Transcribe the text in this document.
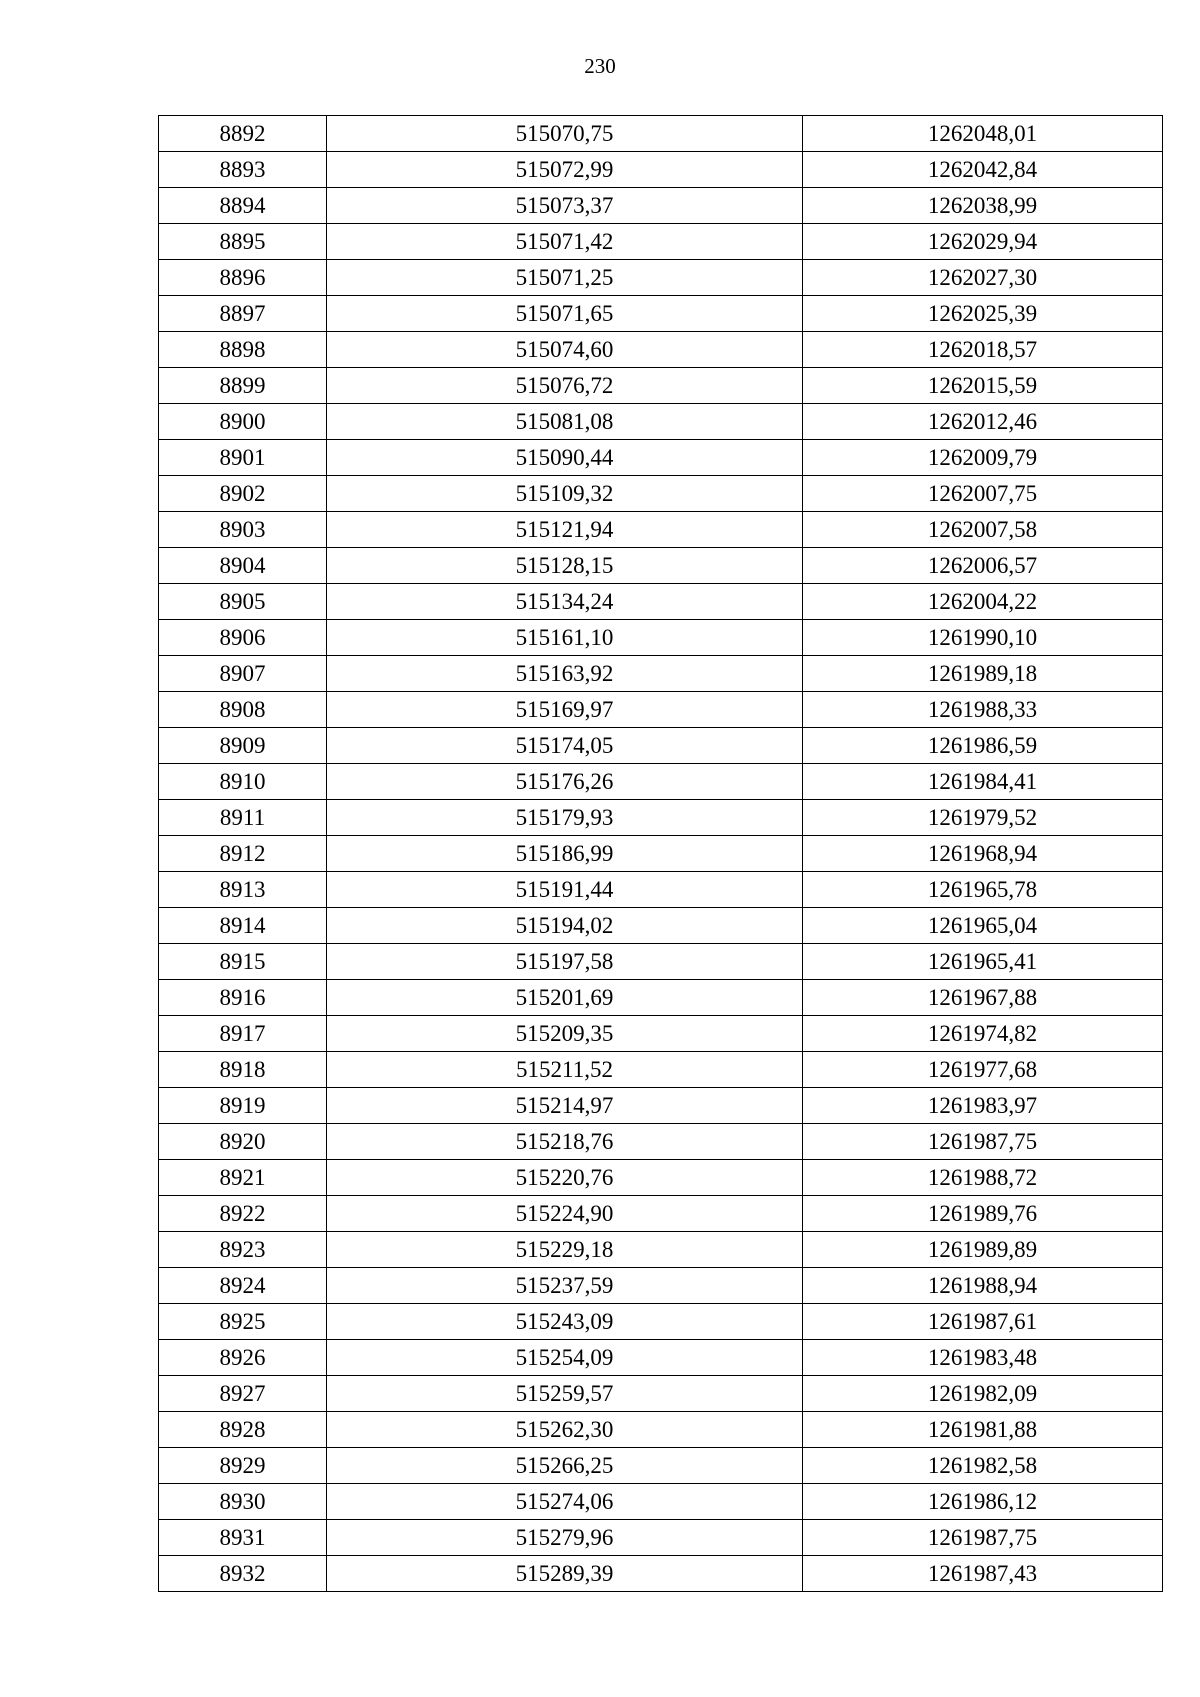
230
8892	515070,75	1262048,01
8893	515072,99	1262042,84
8894	515073,37	1262038,99
8895	515071,42	1262029,94
8896	515071,25	1262027,30
8897	515071,65	1262025,39
8898	515074,60	1262018,57
8899	515076,72	1262015,59
8900	515081,08	1262012,46
8901	515090,44	1262009,79
8902	515109,32	1262007,75
8903	515121,94	1262007,58
8904	515128,15	1262006,57
8905	515134,24	1262004,22
8906	515161,10	1261990,10
8907	515163,92	1261989,18
8908	515169,97	1261988,33
8909	515174,05	1261986,59
8910	515176,26	1261984,41
8911	515179,93	1261979,52
8912	515186,99	1261968,94
8913	515191,44	1261965,78
8914	515194,02	1261965,04
8915	515197,58	1261965,41
8916	515201,69	1261967,88
8917	515209,35	1261974,82
8918	515211,52	1261977,68
8919	515214,97	1261983,97
8920	515218,76	1261987,75
8921	515220,76	1261988,72
8922	515224,90	1261989,76
8923	515229,18	1261989,89
8924	515237,59	1261988,94
8925	515243,09	1261987,61
8926	515254,09	1261983,48
8927	515259,57	1261982,09
8928	515262,30	1261981,88
8929	515266,25	1261982,58
8930	515274,06	1261986,12
8931	515279,96	1261987,75
8932	515289,39	1261987,43
